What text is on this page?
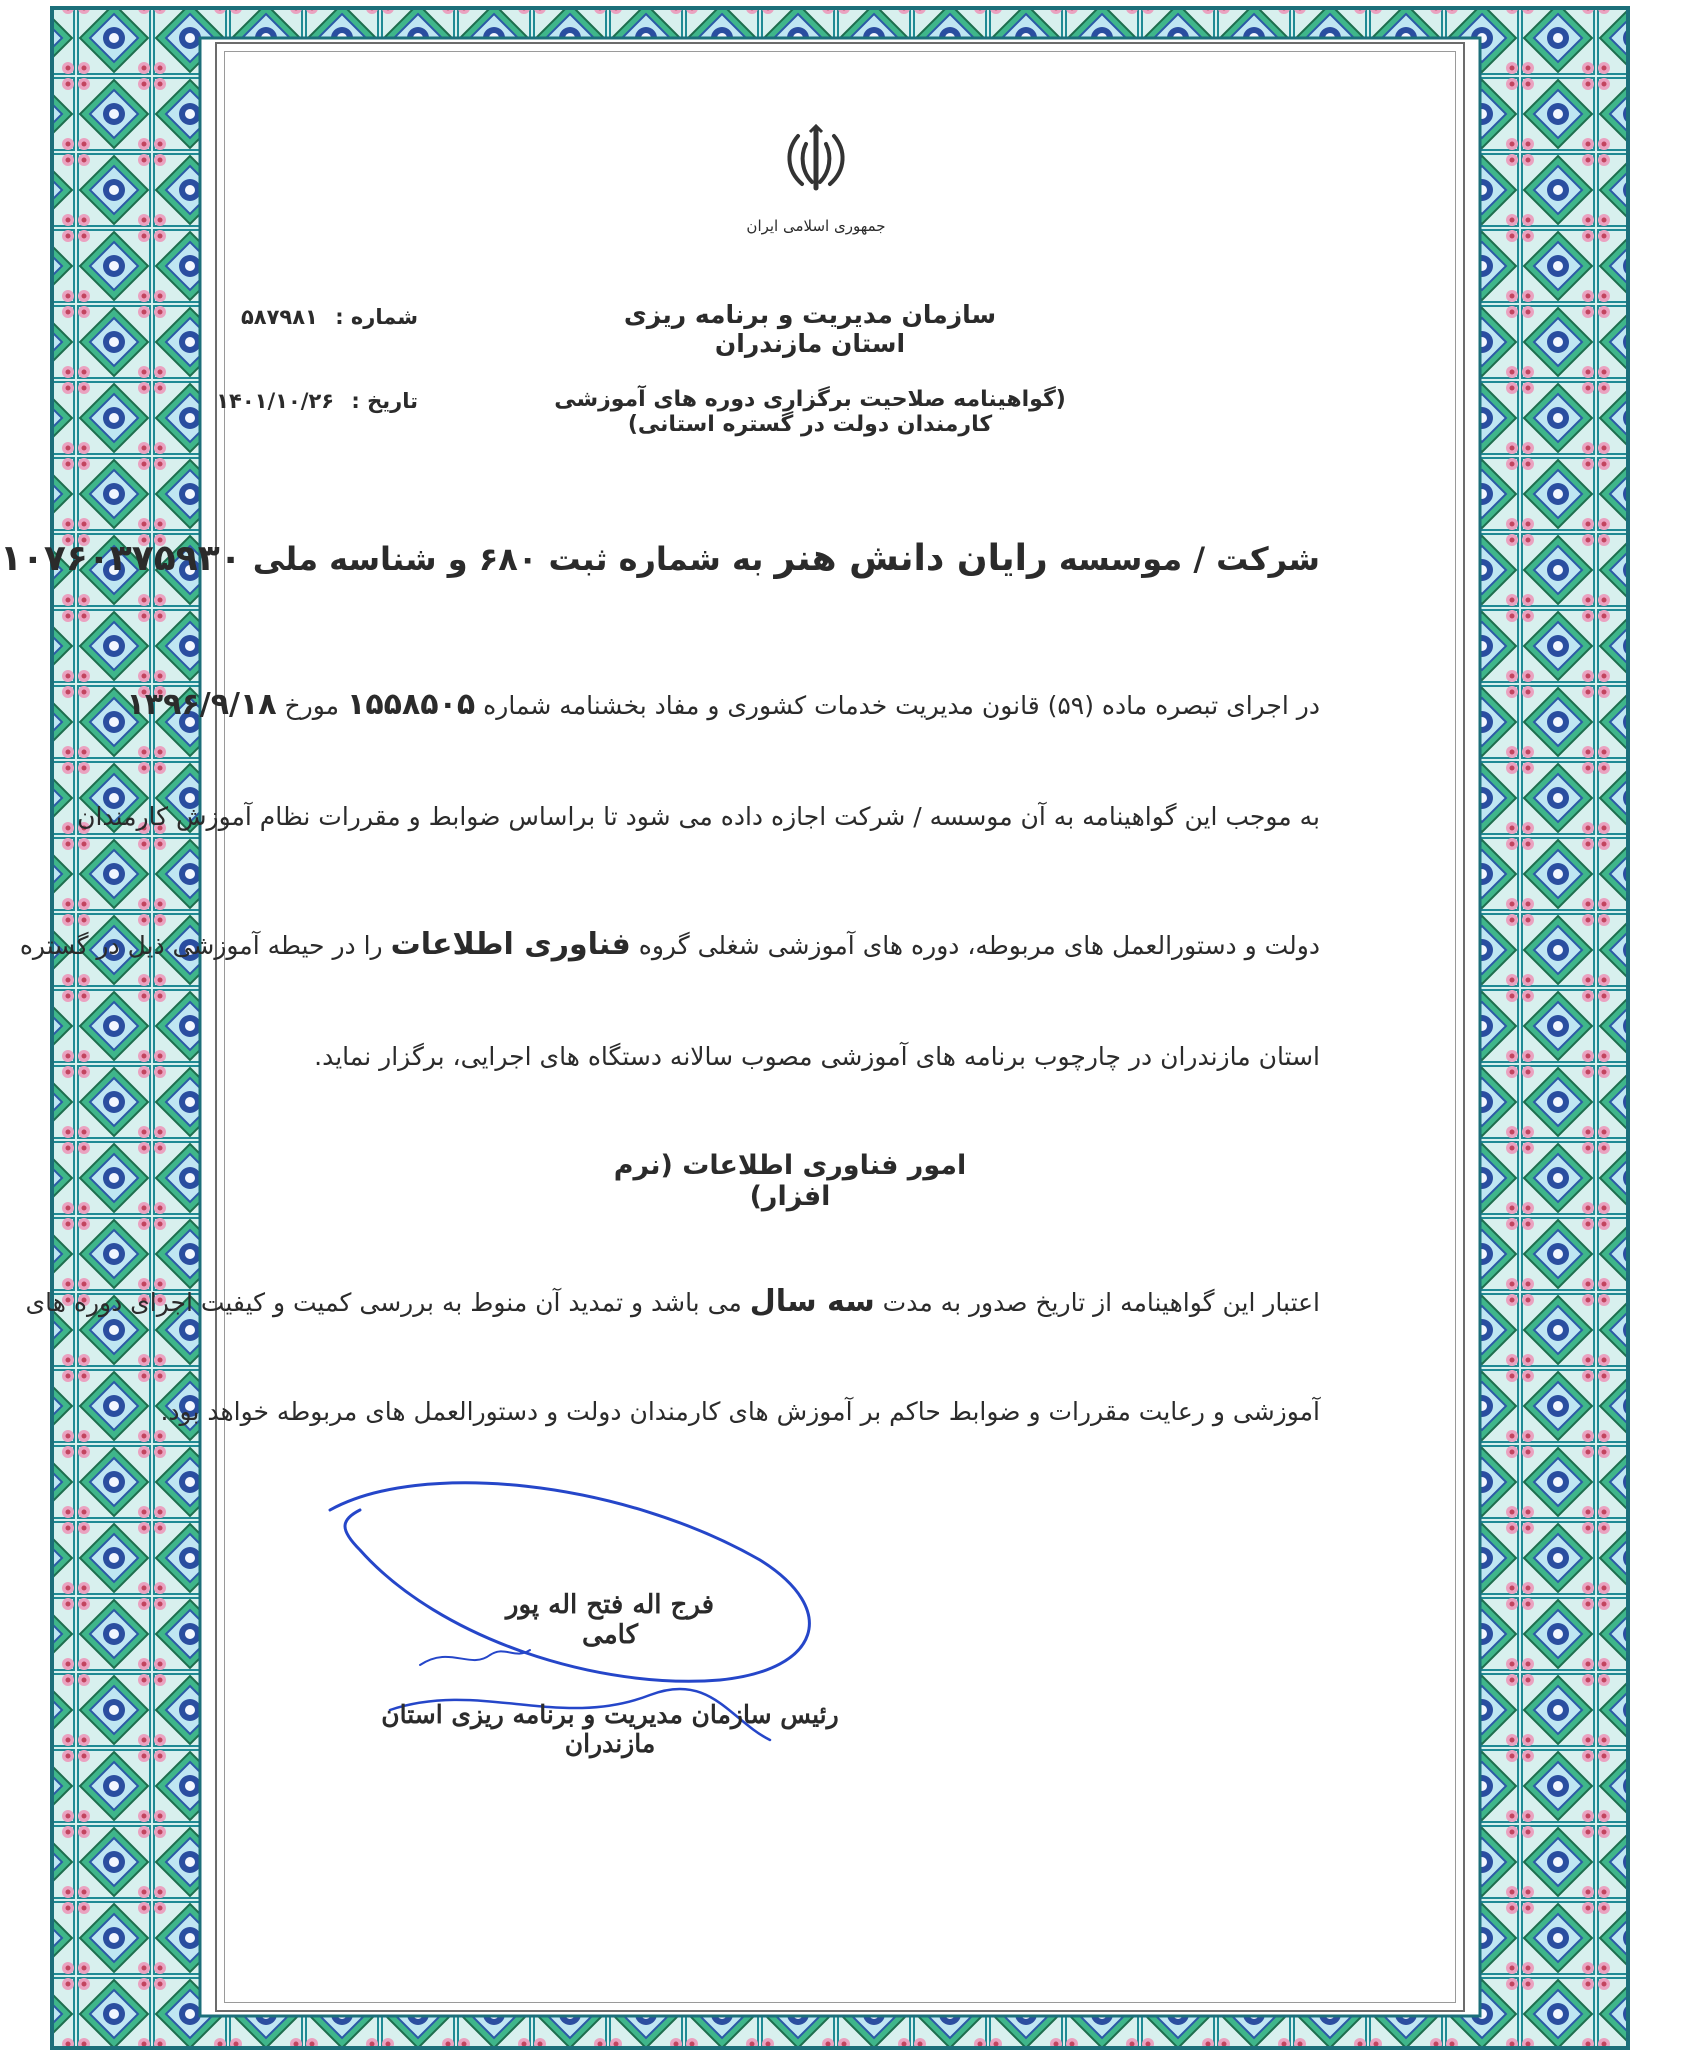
جمهوری اسلامی ایران
سازمان مدیریت و برنامه ریزی استان مازندران
(گواهینامه صلاحیت برگزاری دوره های آموزشی کارمندان دولت در گستره استانی)
شماره : ۵۸۷۹۸۱
تاریخ : ۱۴۰۱/۱۰/۲۶
شرکت / موسسه رایان دانش هنر به شماره ثبت ۶۸۰ و شناسه ملی ۱۰۷۶۰۳۷۵۹۳۰
در اجرای تبصره ماده (۵۹) قانون مدیریت خدمات کشوری و مفاد بخشنامه شماره ۱۵۵۸۵۰۵ مورخ ۱۳۹۶/۹/۱۸
به موجب این گواهینامه به آن موسسه / شرکت اجازه داده می شود تا براساس ضوابط و مقررات نظام آموزش کارمندان
دولت و دستورالعمل های مربوطه، دوره های آموزشی شغلی گروه فناوری اطلاعات را در حیطه آموزشی ذیل در گستره
استان مازندران در چارچوب برنامه های آموزشی مصوب سالانه دستگاه های اجرایی، برگزار نماید.
امور فناوری اطلاعات (نرم افزار)
اعتبار این گواهینامه از تاریخ صدور به مدت سه سال می باشد و تمدید آن منوط به بررسی کمیت و کیفیت اجرای دوره های
آموزشی و رعایت مقررات و ضوابط حاکم بر آموزش های کارمندان دولت و دستورالعمل های مربوطه خواهد بود.
فرج اله فتح اله پور کامی
رئیس سازمان مدیریت و برنامه ریزی استان مازندران
